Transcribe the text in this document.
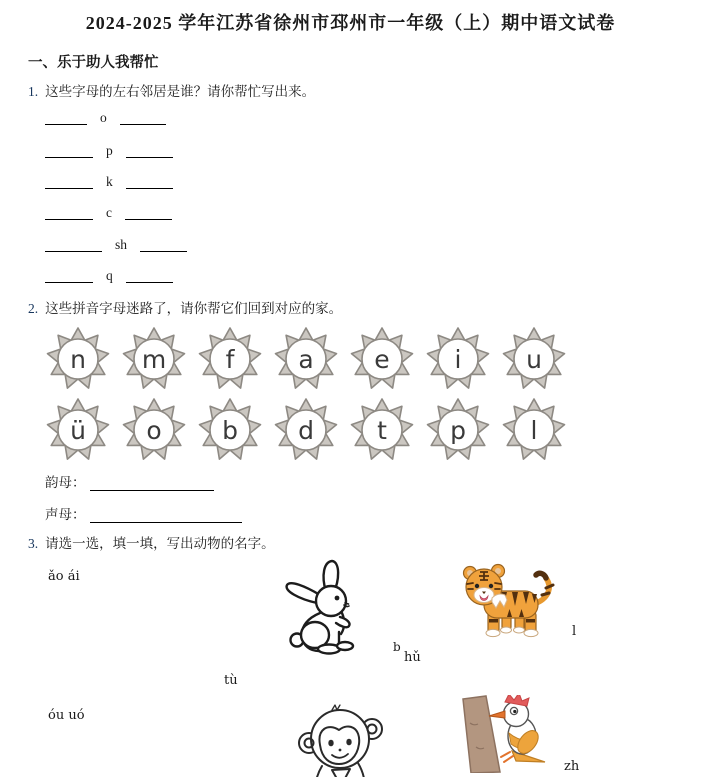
2024-2025 学年江苏省徐州市邳州市一年级（上）期中语文试卷
一、乐于助人我帮忙
1. 这些字母的左右邻居是谁？请你帮忙写出来。
o
p
k
c
sh
q
2. 这些拼音字母迷路了，请你帮它们回到对应的家。
n	m	f	a	e	i	u
ü	o	b	d	t	p	l
韵母：
声母：
3. 请选一选，填一填，写出动物的名字。
ǎo ái
l
b
hǔ
tù
óu uó
zh
